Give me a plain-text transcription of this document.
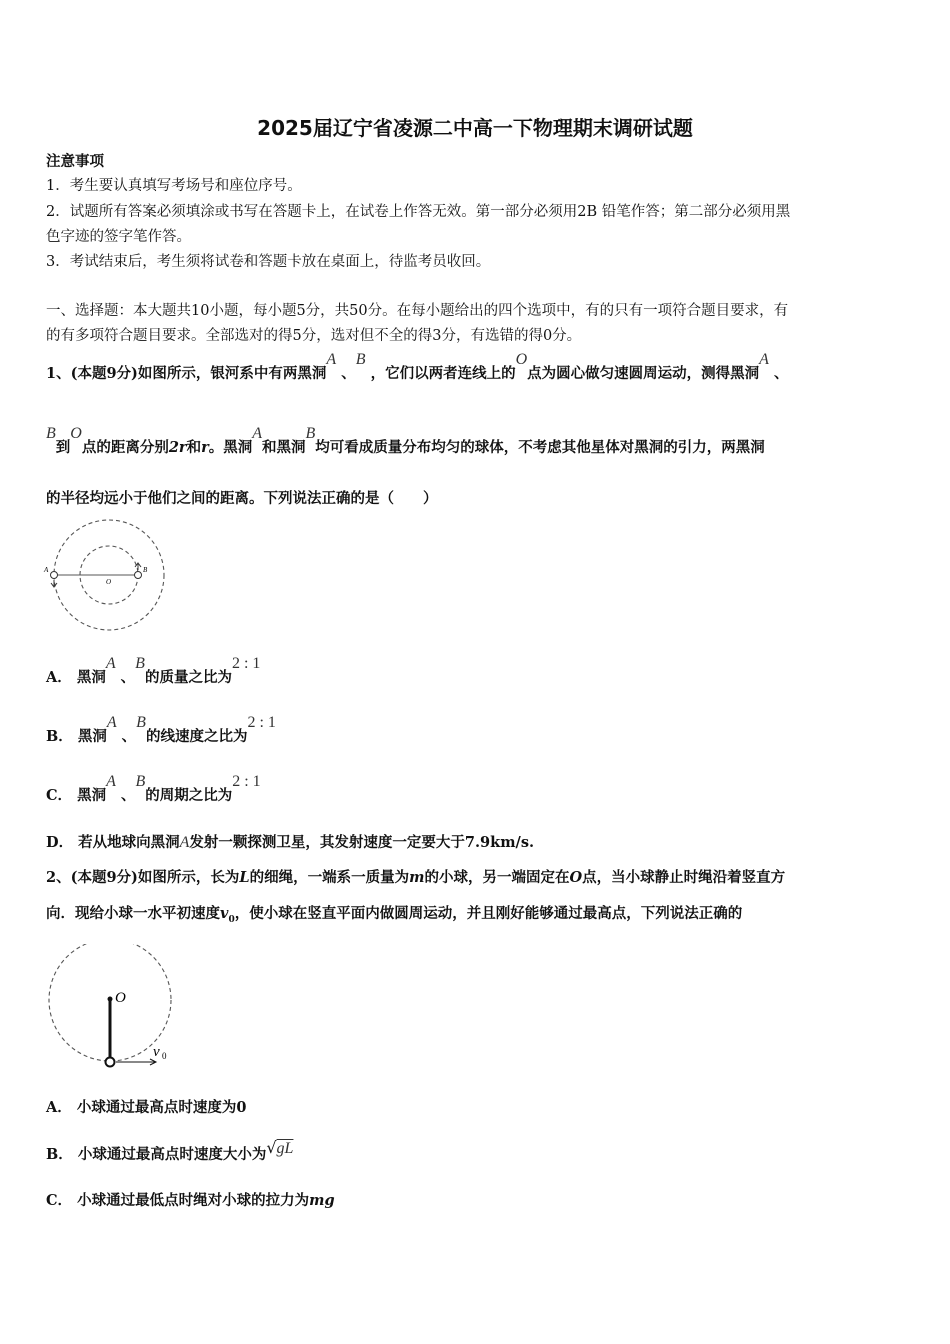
2025届辽宁省凌源二中高一下物理期末调研试题
注意事项
1．考生要认真填写考场号和座位序号。
2．试题所有答案必须填涂或书写在答题卡上，在试卷上作答无效。第一部分必须用2B 铅笔作答；第二部分必须用黑
色字迹的签字笔作答。
3．考试结束后，考生须将试卷和答题卡放在桌面上，待监考员收回。
一、选择题：本大题共10小题，每小题5分，共50分。在每小题给出的四个选项中，有的只有一项符合题目要求，有
的有多项符合题目要求。全部选对的得5分，选对但不全的得3分，有选错的得0分。
1、(本题9分)如图所示，银河系中有两黑洞A 、B ，它们以两者连线上的O点为圆心做匀速圆周运动，测得黑洞A 、
B到O点的距离分别2r和r。黑洞A和黑洞B均可看成质量分布均匀的球体，不考虑其他星体对黑洞的引力，两黑洞
的半径均远小于他们之间的距离。下列说法正确的是（　　）
A
O
B
A． 黑洞A 、B的质量之比为2 : 1
B． 黑洞A 、B的线速度之比为2 : 1
C． 黑洞A 、B的周期之比为2 : 1
D． 若从地球向黑洞A发射一颗探测卫星，其发射速度一定要大于7.9km/s.
2、(本题9分)如图所示，长为L的细绳，一端系一质量为m的小球，另一端固定在O点，当小球静止时绳沿着竖直方
向．现给小球一水平初速度$v_0$，使小球在竖直平面内做圆周运动，并且刚好能够通过最高点，下列说法正确的
O
v 0
A． 小球通过最高点时速度为0
B． 小球通过最高点时速度大小为√gL
C． 小球通过最低点时绳对小球的拉力为mg
